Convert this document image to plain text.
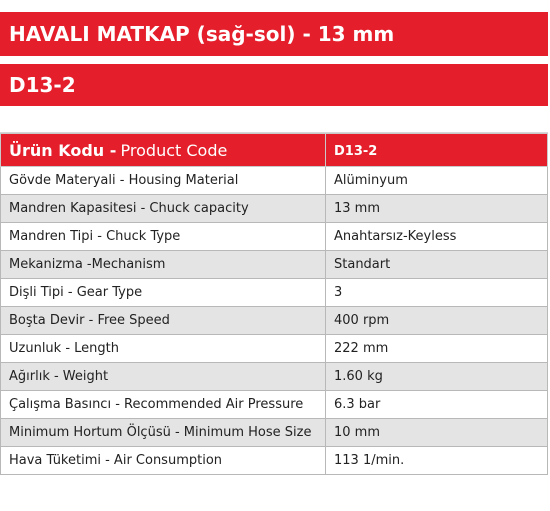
HAVALI MATKAP (sağ-sol) - 13 mm
D13-2
Ürün Kodu - Product Code	D13-2
Gövde Materyali - Housing Material	Alüminyum
Mandren Kapasitesi - Chuck capacity	13 mm
Mandren Tipi - Chuck Type	Anahtarsız-Keyless
Mekanizma -Mechanism	Standart
Dişli Tipi - Gear Type	3
Boşta Devir - Free Speed	400 rpm
Uzunluk - Length	222 mm
Ağırlık - Weight	1.60 kg
Çalışma Basıncı - Recommended Air Pressure	6.3 bar
Minimum Hortum Ölçüsü - Minimum Hose Size	10 mm
Hava Tüketimi - Air Consumption	113 1/min.
